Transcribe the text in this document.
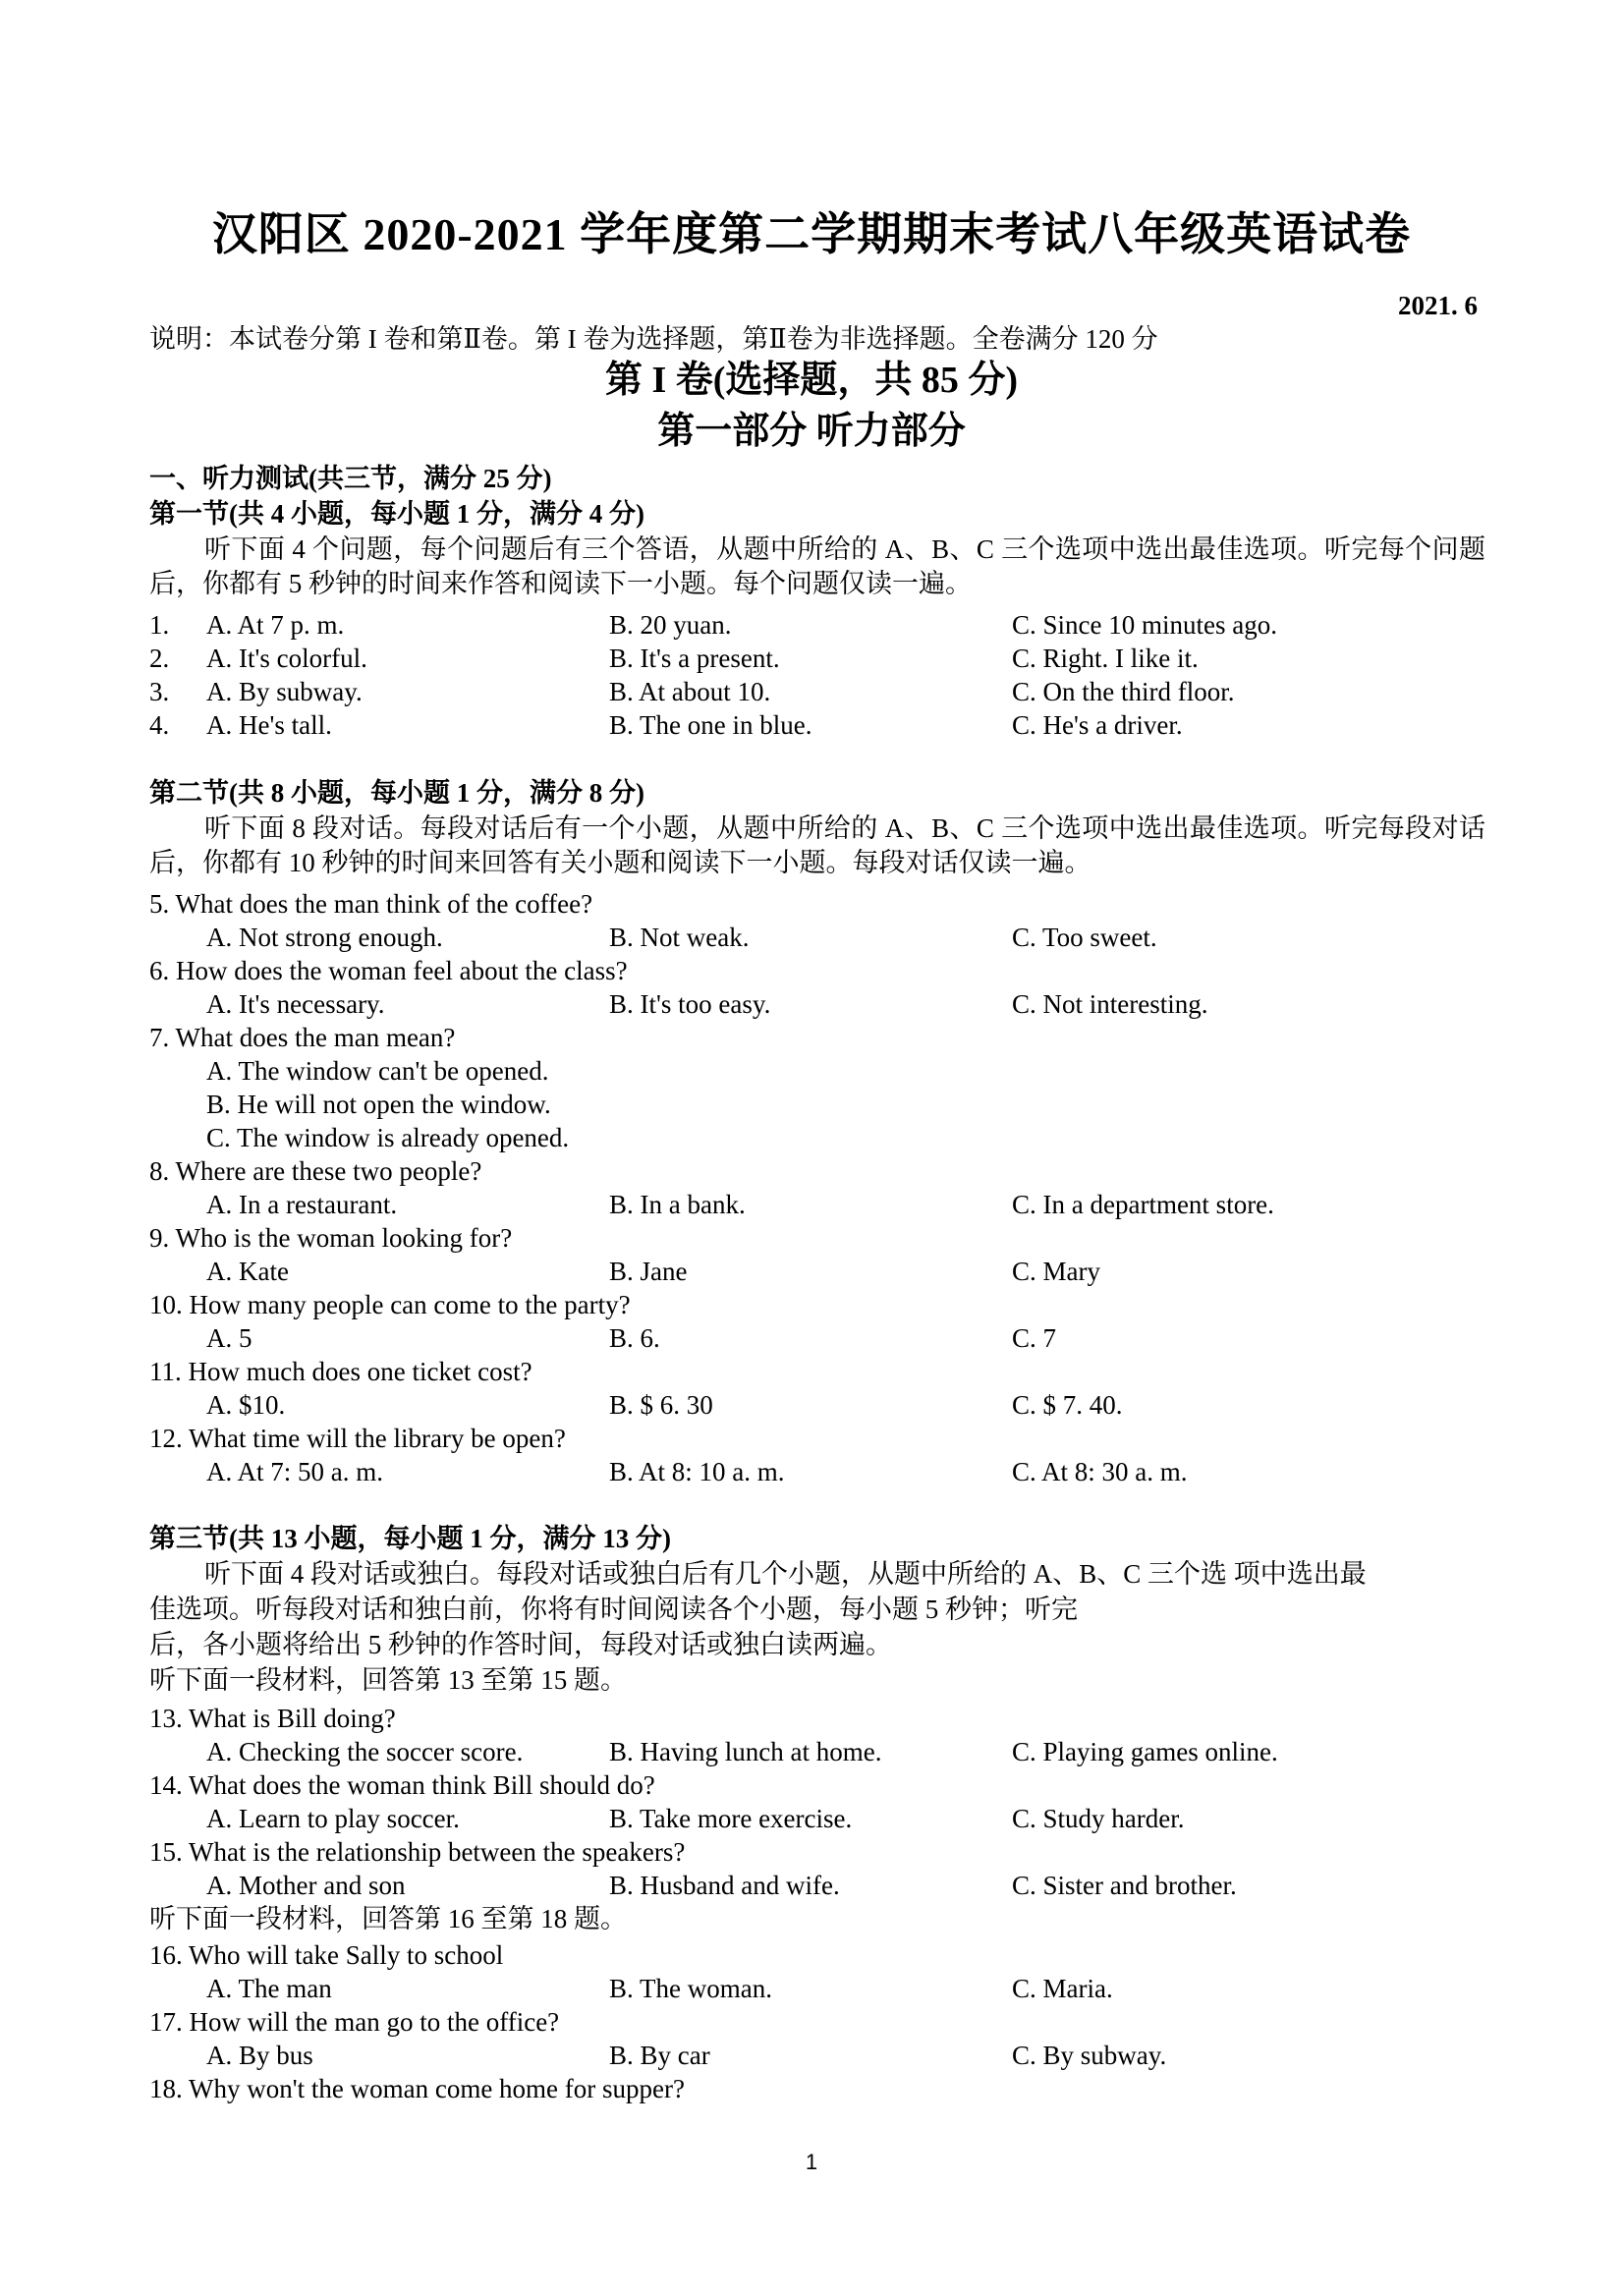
汉阳区 2020-2021 学年度第二学期期末考试八年级英语试卷
2021. 6
说明：本试卷分第 I 卷和第Ⅱ卷。第 I 卷为选择题，第Ⅱ卷为非选择题。全卷满分 120 分
第 I 卷(选择题，共 85 分)
第一部分 听力部分
一、听力测试(共三节，满分 25 分)
第一节(共 4 小题，每小题 1 分，满分 4 分)
听下面 4 个问题，每个问题后有三个答语，从题中所给的 A、B、C 三个选项中选出最佳选项。听完每个问题后，你都有 5 秒钟的时间来作答和阅读下一小题。每个问题仅读一遍。
1. A. At 7 p. m.	B. 20 yuan.	C. Since 10 minutes ago.
2. A. It's colorful.	B. It's a present.	C. Right. I like it.
3. A. By subway.	B. At about 10.	C. On the third floor.
4. A. He's tall.	B. The one in blue.	C. He's a driver.
第二节(共 8 小题，每小题 1 分，满分 8 分)
听下面 8 段对话。每段对话后有一个小题，从题中所给的 A、B、C 三个选项中选出最佳选项。听完每段对话后，你都有 10 秒钟的时间来回答有关小题和阅读下一小题。每段对话仅读一遍。
5. What does the man think of the coffee?
A. Not strong enough.	B. Not weak.	C. Too sweet.
6. How does the woman feel about the class?
A. It's necessary.	B. It's too easy.	C. Not interesting.
7. What does the man mean?
A. The window can't be opened.
B. He will not open the window.
C. The window is already opened.
8. Where are these two people?
A. In a restaurant.	B. In a bank.	C. In a department store.
9. Who is the woman looking for?
A. Kate	B. Jane	C. Mary
10. How many people can come to the party?
A. 5	B. 6.	C. 7
11. How much does one ticket cost?
A. $10.	B. $ 6. 30	C. $ 7. 40.
12. What time will the library be open?
A. At 7: 50 a. m.	B. At 8: 10 a. m.	C. At 8: 30 a. m.
第三节(共 13 小题，每小题 1 分，满分 13 分)
听下面 4 段对话或独白。每段对话或独白后有几个小题，从题中所给的 A、B、C 三个选 项中选出最
佳选项。听每段对话和独白前，你将有时间阅读各个小题，每小题 5 秒钟；听完
后，各小题将给出 5 秒钟的作答时间，每段对话或独白读两遍。
听下面一段材料，回答第 13 至第 15 题。
13. What is Bill doing?
A. Checking the soccer score.	B. Having lunch at home.	C. Playing games online.
14. What does the woman think Bill should do?
A. Learn to play soccer.	B. Take more exercise.	C. Study harder.
15. What is the relationship between the speakers?
A. Mother and son	B. Husband and wife.	C. Sister and brother.
听下面一段材料，回答第 16 至第 18 题。
16. Who will take Sally to school
A. The man	B. The woman.	C. Maria.
17. How will the man go to the office?
A. By bus	B. By car	C. By subway.
18. Why won't the woman come home for supper?
1
